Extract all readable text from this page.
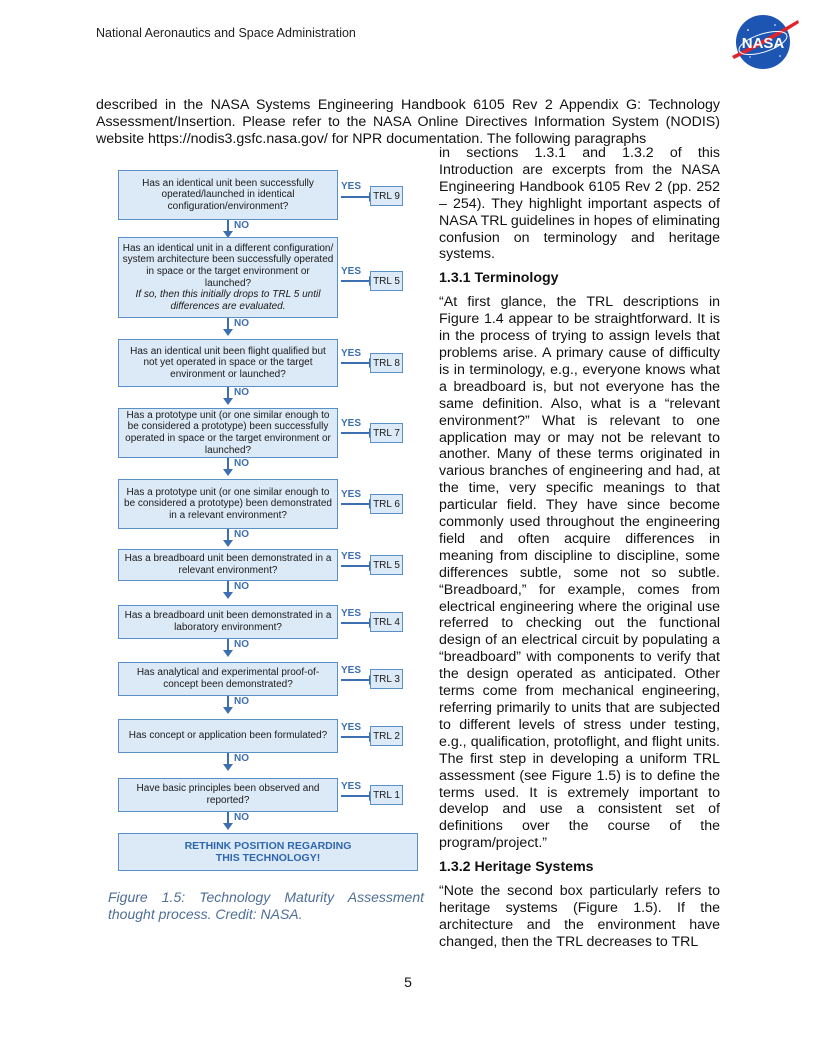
National Aeronautics and Space Administration
NASA

described in the NASA Systems Engineering Handbook 6105 Rev 2 Appendix G: Technology Assessment/Insertion. Please refer to the NASA Online Directives Information System (NODIS) website https://nodis3.gsfc.nasa.gov/ for NPR documentation. The following paragraphs

Has an identical unit been successfully operated/launched in identical configuration/environment?
YES
TRL 9
NO
Has an identical unit in a different configuration/ system architecture been successfully operated in space or the target environment or launched?
If so, then this initially drops to TRL 5 until differences are evaluated.
YES
TRL 5
NO
Has an identical unit been flight qualified but not yet operated in space or the target environment or launched?
YES
TRL 8
NO
Has a prototype unit (or one similar enough to be considered a prototype) been successfully operated in space or the target environment or launched?
YES
TRL 7
NO
Has a prototype unit (or one similar enough to be considered a prototype) been demonstrated in a relevant environment?
YES
TRL 6
NO
Has a breadboard unit been demonstrated in a relevant environment?
YES
TRL 5
NO
Has a breadboard unit been demonstrated in a laboratory environment?
YES
TRL 4
NO
Has analytical and experimental proof-of-concept been demonstrated?
YES
TRL 3
NO
Has concept or application been formulated?
YES
TRL 2
NO
Have basic principles been observed and reported?
YES
TRL 1
NO
RETHINK POSITION REGARDING THIS TECHNOLOGY!

Figure 1.5: Technology Maturity Assessment thought process. Credit: NASA.

in sections 1.3.1 and 1.3.2 of this Introduction are excerpts from the NASA Engineering Handbook 6105 Rev 2 (pp. 252 – 254). They highlight important aspects of NASA TRL guidelines in hopes of eliminating confusion on terminology and heritage systems.

1.3.1 Terminology

“At first glance, the TRL descriptions in Figure 1.4 appear to be straightforward. It is in the process of trying to assign levels that problems arise. A primary cause of difficulty is in terminology, e.g., everyone knows what a breadboard is, but not everyone has the same definition. Also, what is a “relevant environment?” What is relevant to one application may or may not be relevant to another. Many of these terms originated in various branches of engineering and had, at the time, very specific meanings to that particular field. They have since become commonly used throughout the engineering field and often acquire differences in meaning from discipline to discipline, some differences subtle, some not so subtle. “Breadboard,” for example, comes from electrical engineering where the original use referred to checking out the functional design of an electrical circuit by populating a “breadboard” with components to verify that the design operated as anticipated. Other terms come from mechanical engineering, referring primarily to units that are subjected to different levels of stress under testing, e.g., qualification, protoflight, and flight units. The first step in developing a uniform TRL assessment (see Figure 1.5) is to define the terms used. It is extremely important to develop and use a consistent set of definitions over the course of the program/project.”

1.3.2 Heritage Systems

“Note the second box particularly refers to heritage systems (Figure 1.5). If the architecture and the environment have changed, then the TRL decreases to TRL

5
